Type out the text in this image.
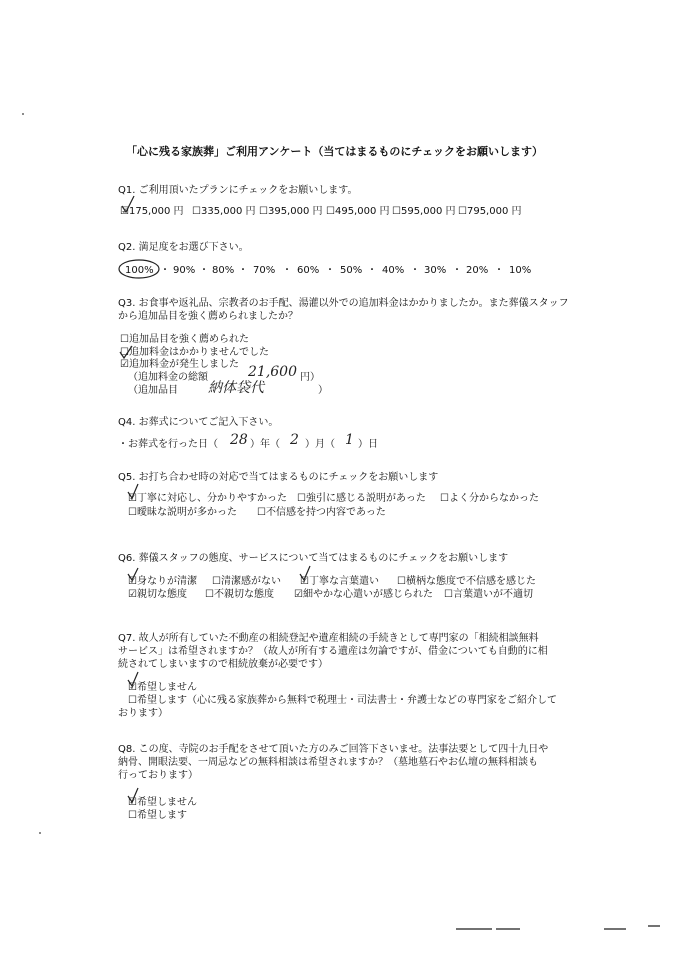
「心に残る家族葬」ご利用アンケート（当てはまるものにチェックをお願いします）
Q1. ご利用頂いたプランにチェックをお願いします。
☑175,000 円 ☐335,000 円 ☐395,000 円 ☐495,000 円 ☐595,000 円 ☐795,000 円
Q2. 満足度をお選び下さい。
100% ・ 90% ・ 80% ・ 70% ・ 60% ・ 50% ・ 40% ・ 30% ・ 20% ・ 10%
Q3. お食事や返礼品、宗教者のお手配、湯灌以外での追加料金はかかりましたか。また葬儀スタッフ
から追加品目を強く薦められましたか？
☐追加品目を強く薦められた
☐追加料金はかかりませんでした
☑追加料金が発生しました
（追加料金の総額	21,600 円）
（追加品目 納体袋代	）
Q4. お葬式についてご記入下さい。
・お葬式を行った日（ 28 ）年（ 2 ）月（ 1 ）日
Q5. お打ち合わせ時の対応で当てはまるものにチェックをお願いします
☑丁寧に対応し、分かりやすかった ☐強引に感じる説明があった ☐よく分からなかった
☐曖昧な説明が多かった ☐不信感を持つ内容であった
Q6. 葬儀スタッフの態度、サービスについて当てはまるものにチェックをお願いします
☑身なりが清潔 ☐清潔感がない ☑丁寧な言葉遣い ☐横柄な態度で不信感を感じた
☑親切な態度 ☐不親切な態度 ☑細やかな心遣いが感じられた ☐言葉遣いが不適切
Q7. 故人が所有していた不動産の相続登記や遺産相続の手続きとして専門家の「相続相談無料
サービス」は希望されますか？（故人が所有する遺産は勿論ですが、借金についても自動的に相
続されてしまいますので相続放棄が必要です）
☑希望しません
☐希望します（心に残る家族葬から無料で税理士・司法書士・弁護士などの専門家をご紹介して
おります）
Q8. この度、寺院のお手配をさせて頂いた方のみご回答下さいませ。法事法要として四十九日や
納骨、開眼法要、一周忌などの無料相談は希望されますか？（墓地墓石やお仏壇の無料相談も
行っております）
☑希望しません
☐希望します
